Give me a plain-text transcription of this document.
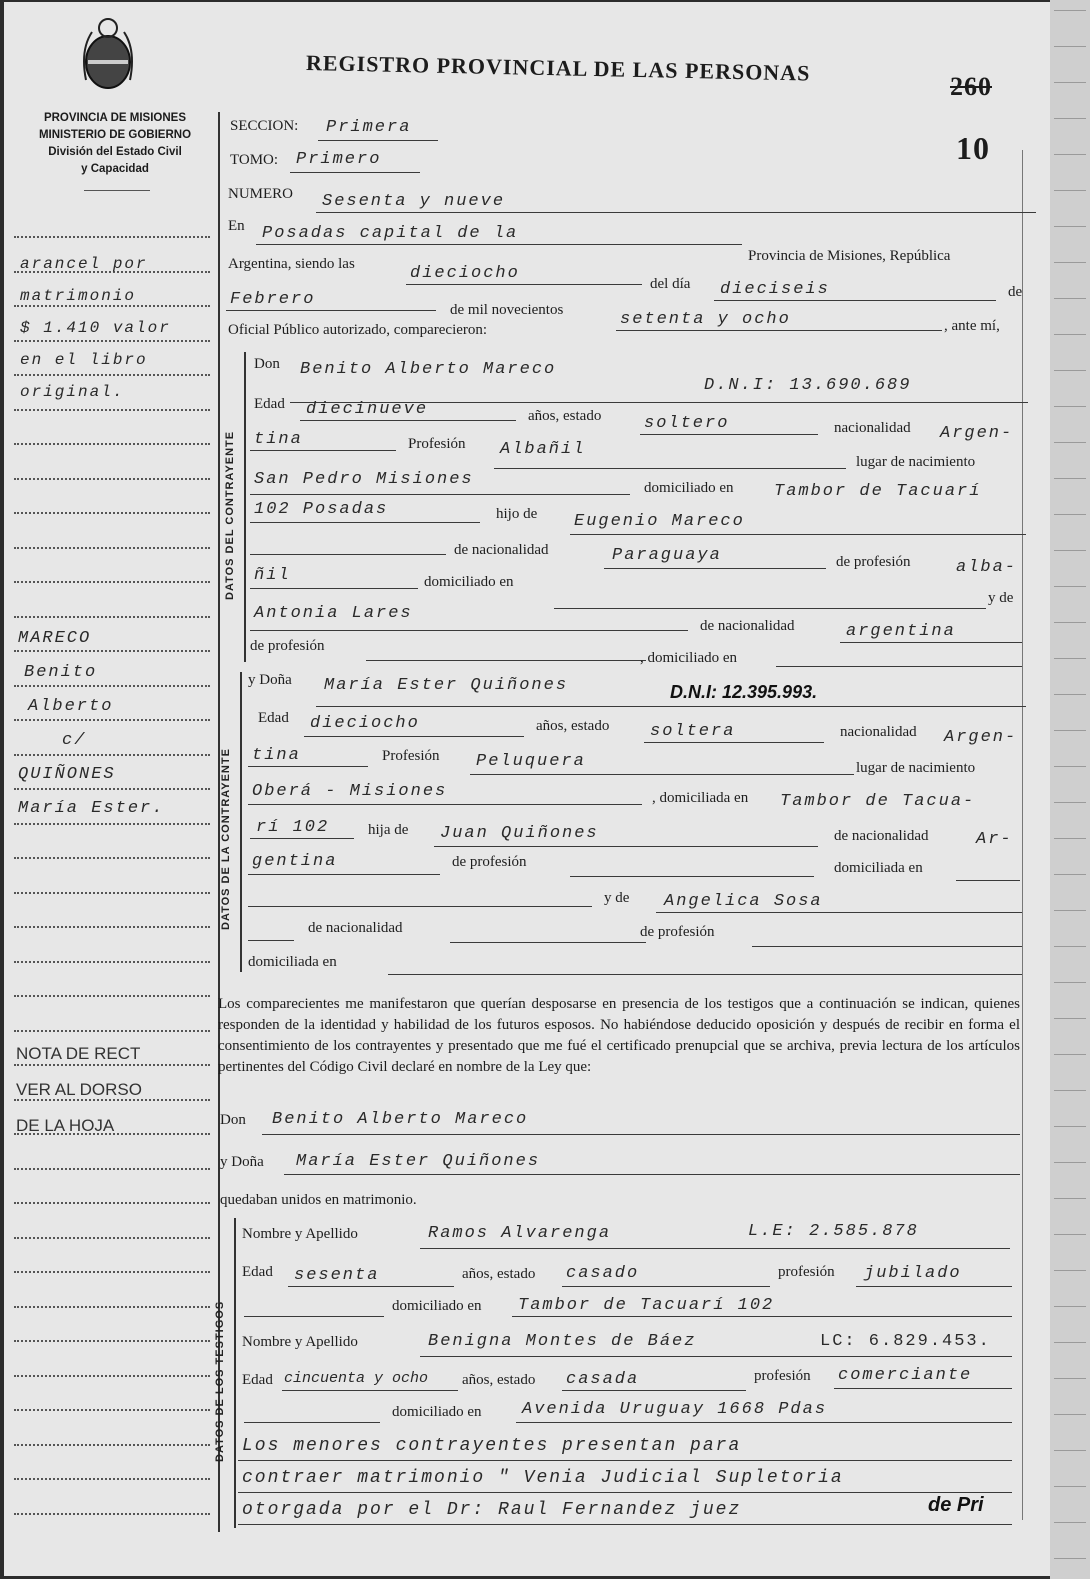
PROVINCIA DE MISIONES
MINISTERIO DE GOBIERNO
División del Estado Civil
y Capacidad
REGISTRO PROVINCIAL DE LAS PERSONAS
260
10
DATOS DEL CONTRAYENTE
DATOS DE LA CONTRAYENTE
DATOS DE LOS TESTIGOS
arancel por
matrimonio
$ 1.410 valor
en el libro
original.
MARECO
Benito
Alberto
c/
QUIÑONES
María Ester.
NOTA DE RECT
VER AL DORSO
DE LA HOJA
SECCION: Primera
TOMO: Primero
NUMERO Sesenta y nueve
En Posadas capital de la
Provincia de Misiones, República
Argentina, siendo las	dieciocho
del día dieciseis	de
Febrero
de mil novecientos	setenta y ocho	, ante mí,
Oficial Público autorizado, comparecieron:
Don Benito Alberto Mareco
D.N.I: 13.690.689
Edad diecinueve	años, estado	soltero	nacionalidad Argen-
tina	Profesión Albañil
lugar de nacimiento
San Pedro Misiones	domiciliado en Tambor de Tacuarí
102 Posadas	hijo de Eugenio Mareco
de nacionalidad	Paraguaya	de profesión	alba-
ñil	domiciliado en
y de
Antonia Lares
de nacionalidad	argentina
de profesión
, domiciliado en
y Doña María Ester Quiñones	D.N.I: 12.395.993.
Edad dieciocho	años, estado soltera	nacionalidad Argen-
tina	Profesión Peluquera	lugar de nacimiento
Oberá - Misiones	, domiciliada en Tambor de Tacua-
rí 102	hija de Juan Quiñones	de nacionalidad	Ar-
gentina	de profesión	domiciliada en
y de Angelica Sosa
de nacionalidad	de profesión
domiciliada en
Los comparecientes me manifestaron que querían desposarse en presencia de los testigos que a continuación se indican, quienes responden de la identidad y habilidad de los futuros esposos. No habiéndose deducido oposición y después de recibir en forma el consentimiento de los contrayentes y presentado que me fué el certificado prenupcial que se archiva, previa lectura de los artículos pertinentes del Código Civil declaré en nombre de la Ley que:
Don Benito Alberto Mareco
y Doña María Ester Quiñones
quedaban unidos en matrimonio.
Nombre y Apellido	Ramos Alvarenga	L.E: 2.585.878
Edad sesenta	años, estado casado	profesión jubilado
domiciliado en Tambor de Tacuarí 102
Nombre y Apellido	Benigna Montes de Báez	LC: 6.829.453.
Edad cincuenta y ocho años, estado casada	profesión comerciante
domiciliado en Avenida Uruguay 1668 Pdas
Los menores contrayentes presentan para
contraer matrimonio " Venia Judicial Supletoria
otorgada por el Dr: Raul Fernandez juez	de Pri
